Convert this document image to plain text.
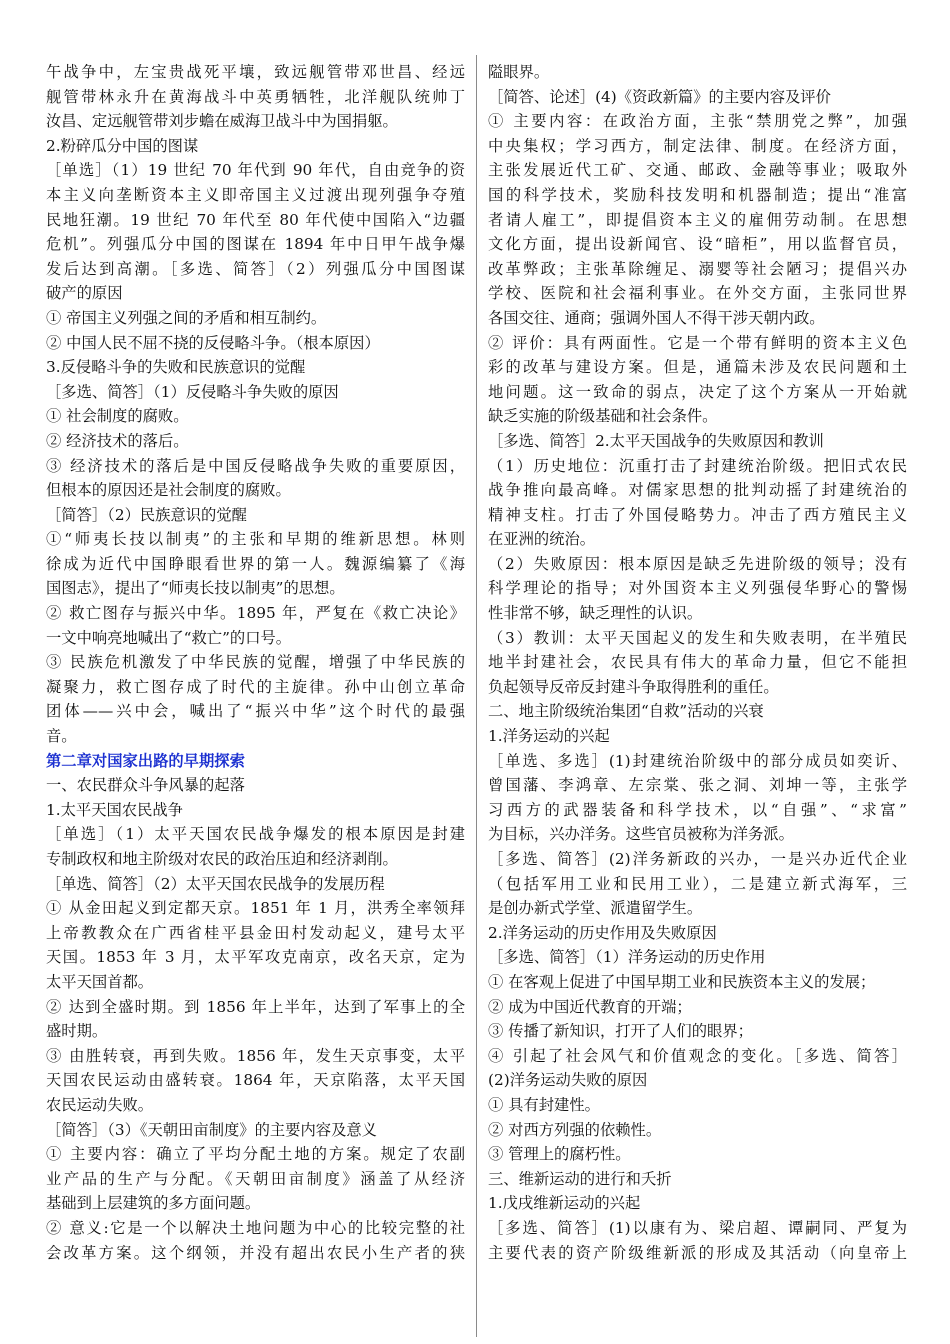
午战争中，左宝贵战死平壤，致远舰管带邓世昌、经远
舰管带林永升在黄海战斗中英勇牺牲，北洋舰队统帅丁
汝昌、定远舰管带刘步蟾在威海卫战斗中为国捐躯。
2.粉碎瓜分中国的图谋
［单选］（1）19 世纪 70 年代到 90 年代，自由竞争的资
本主义向垄断资本主义即帝国主义过渡出现列强争夺殖
民地狂潮。19 世纪 70 年代至 80 年代使中国陷入“边疆
危机”。列强瓜分中国的图谋在 1894 年中日甲午战争爆
发后达到高潮。［多选、简答］（2）列强瓜分中国图谋
破产的原因
① 帝国主义列强之间的矛盾和相互制约。
② 中国人民不屈不挠的反侵略斗争。（根本原因）
3.反侵略斗争的失败和民族意识的觉醒
［多选、简答］（1）反侵略斗争失败的原因
① 社会制度的腐败。
② 经济技术的落后。
③ 经济技术的落后是中国反侵略战争失败的重要原因，
但根本的原因还是社会制度的腐败。
［简答］（2）民族意识的觉醒
①“师夷长技以制夷”的主张和早期的维新思想。林则
徐成为近代中国睁眼看世界的第一人。魏源编纂了《海
国图志》，提出了“师夷长技以制夷”的思想。
② 救亡图存与振兴中华。1895 年，严复在《救亡决论》
一文中响亮地喊出了“救亡”的口号。
③ 民族危机激发了中华民族的觉醒，增强了中华民族的
凝聚力，救亡图存成了时代的主旋律。孙中山创立革命
团体——兴中会，喊出了“振兴中华”这个时代的最强
音。
第二章对国家出路的早期探索
一、农民群众斗争风暴的起落
1.太平天国农民战争
［单选］（1）太平天国农民战争爆发的根本原因是封建
专制政权和地主阶级对农民的政治压迫和经济剥削。
［单选、简答］（2）太平天国农民战争的发展历程
① 从金田起义到定都天京。1851 年 1 月，洪秀全率领拜
上帝教教众在广西省桂平县金田村发动起义，建号太平
天国。1853 年 3 月，太平军攻克南京，改名天京，定为
太平天国首都。
② 达到全盛时期。到 1856 年上半年，达到了军事上的全
盛时期。
③ 由胜转衰，再到失败。1856 年，发生天京事变，太平
天国农民运动由盛转衰。1864 年，天京陷落，太平天国
农民运动失败。
［简答］（3）《天朝田亩制度》的主要内容及意义
① 主要内容：确立了平均分配土地的方案。规定了农副
业产品的生产与分配。《天朝田亩制度》涵盖了从经济
基础到上层建筑的多方面问题。
② 意义:它是一个以解决土地问题为中心的比较完整的社
会改革方案。这个纲领，并没有超出农民小生产者的狭
隘眼界。
［简答、论述］(4)《资政新篇》的主要内容及评价
① 主要内容：在政治方面，主张“禁朋党之弊”，加强
中央集权；学习西方，制定法律、制度。在经济方面，
主张发展近代工矿、交通、邮政、金融等事业；吸取外
国的科学技术，奖励科技发明和机器制造；提出“准富
者请人雇工”，即提倡资本主义的雇佣劳动制。在思想
文化方面，提出设新闻官、设“暗柜”，用以监督官员，
改革弊政；主张革除缠足、溺婴等社会陋习；提倡兴办
学校、医院和社会福利事业。在外交方面，主张同世界
各国交往、通商；强调外国人不得干涉天朝内政。
② 评价：具有两面性。它是一个带有鲜明的资本主义色
彩的改革与建设方案。但是，通篇未涉及农民问题和土
地问题。这一致命的弱点，决定了这个方案从一开始就
缺乏实施的阶级基础和社会条件。
［多选、简答］2.太平天国战争的失败原因和教训
（1）历史地位：沉重打击了封建统治阶级。把旧式农民
战争推向最高峰。对儒家思想的批判动摇了封建统治的
精神支柱。打击了外国侵略势力。冲击了西方殖民主义
在亚洲的统治。
（2）失败原因：根本原因是缺乏先进阶级的领导；没有
科学理论的指导；对外国资本主义列强侵华野心的警惕
性非常不够，缺乏理性的认识。
（3）教训：太平天国起义的发生和失败表明，在半殖民
地半封建社会，农民具有伟大的革命力量，但它不能担
负起领导反帝反封建斗争取得胜利的重任。
二、地主阶级统治集团“自救”活动的兴衰
1.洋务运动的兴起
［单选、多选］(1)封建统治阶级中的部分成员如奕䜣、
曾国藩、李鸿章、左宗棠、张之洞、刘坤一等，主张学
习西方的武器装备和科学技术，以“自强”、“求富”
为目标，兴办洋务。这些官员被称为洋务派。
［多选、简答］(2)洋务新政的兴办，一是兴办近代企业
（包括军用工业和民用工业），二是建立新式海军，三
是创办新式学堂、派遣留学生。
2.洋务运动的历史作用及失败原因
［多选、简答］（1）洋务运动的历史作用
① 在客观上促进了中国早期工业和民族资本主义的发展；
② 成为中国近代教育的开端；
③ 传播了新知识，打开了人们的眼界；
④ 引起了社会风气和价值观念的变化。［多选、简答］
(2)洋务运动失败的原因
① 具有封建性。
② 对西方列强的依赖性。
③ 管理上的腐朽性。
三、维新运动的进行和夭折
1.戊戌维新运动的兴起
［多选、简答］(1)以康有为、梁启超、谭嗣同、严复为
主要代表的资产阶级维新派的形成及其活动（向皇帝上
